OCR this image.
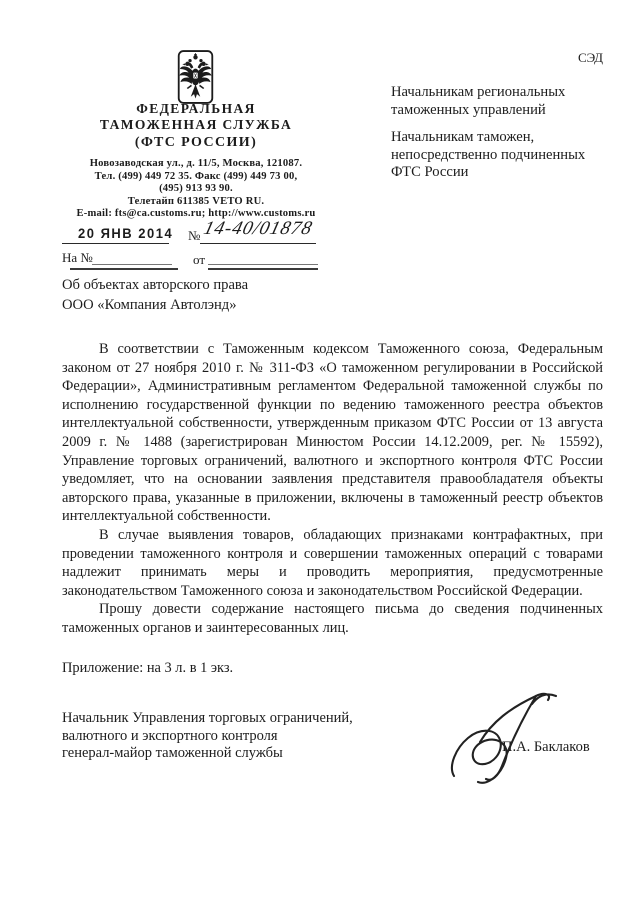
ФЕДЕРАЛЬНАЯ
ТАМОЖЕННАЯ СЛУЖБА
(ФТС РОССИИ)
Новозаводская ул., д. 11/5, Москва, 121087.
Тел. (499) 449 72 35. Факс (499) 449 73 00,
(495) 913 93 90.
Телетайп 611385 VETO RU.
E-mail: fts@ca.customs.ru; http://www.customs.ru
20 ЯНВ 2014 № 14-40/01878
На №	от
Об объектах авторского права
ООО «Компания Автолэнд»
СЭД
Начальникам региональных
таможенных управлений
Начальникам таможен,
непосредственно подчиненных
ФТС России

В соответствии с Таможенным кодексом Таможенного союза, Федеральным законом от 27 ноября 2010 г. № 311-ФЗ «О таможенном регулировании в Российской Федерации», Административным регламентом Федеральной таможенной службы по исполнению государственной функции по ведению таможенного реестра объектов интеллектуальной собственности, утвержденным приказом ФТС России от 13 августа 2009 г. № 1488 (зарегистрирован Минюстом России 14.12.2009, рег. № 15592), Управление торговых ограничений, валютного и экспортного контроля ФТС России уведомляет, что на основании заявления представителя правообладателя объекты авторского права, указанные в приложении, включены в таможенный реестр объектов интеллектуальной собственности.

В случае выявления товаров, обладающих признаками контрафактных, при проведении таможенного контроля и совершении таможенных операций с товарами надлежит принимать меры и проводить мероприятия, предусмотренные законодательством Таможенного союза и законодательством Российской Федерации.

Прошу довести содержание настоящего письма до сведения подчиненных таможенных органов и заинтересованных лиц.

Приложение: на 3 л. в 1 экз.
Начальник Управления торговых ограничений,
валютного и экспортного контроля
генерал-майор таможенной службы	П.А. Баклаков
